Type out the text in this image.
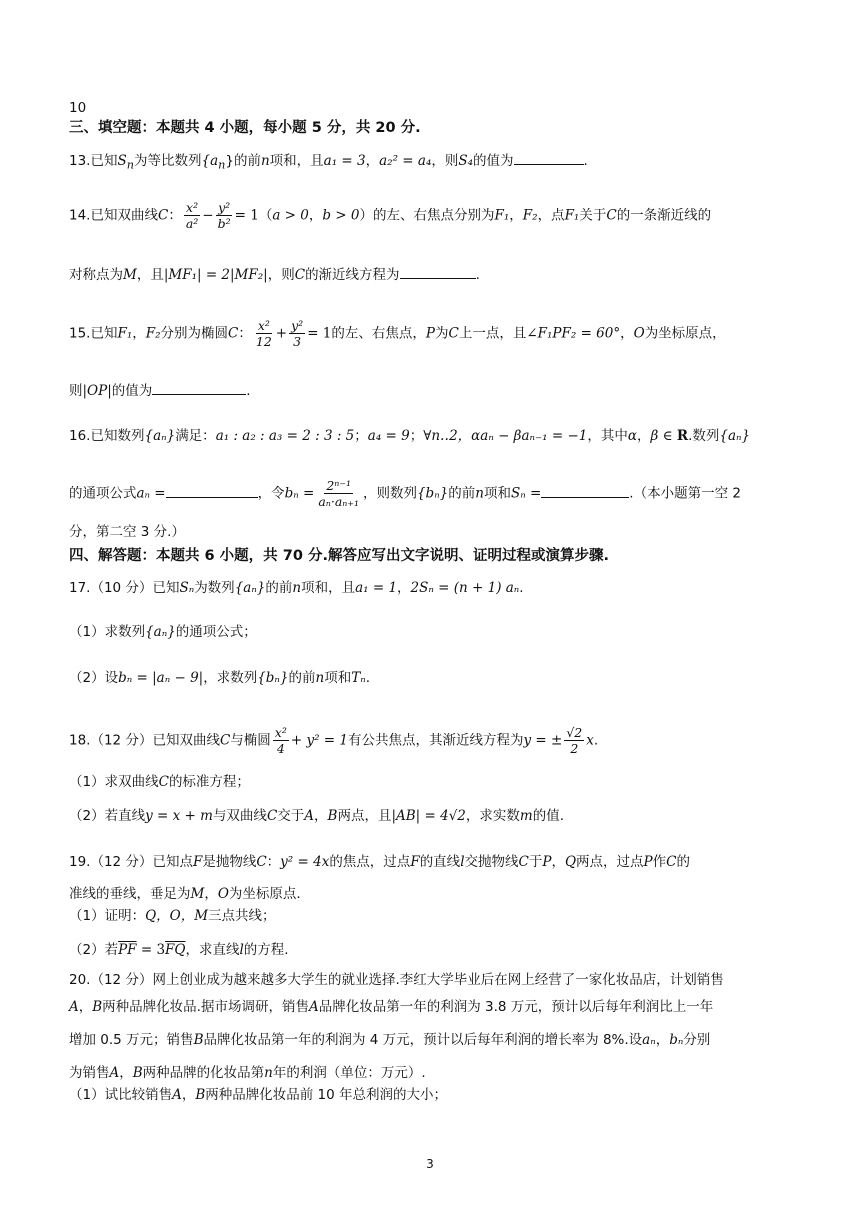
10
三、填空题：本题共 4 小题，每小题 5 分，共 20 分.
13.已知$S_n$为等比数列$\{a_n\}$的前n项和，且a₁ = 3，a₂² = a₄，则S₄的值为	.
14.已知双曲线C： $\frac{\text{x²}}{\text{a²}} - \frac{\text{y²}}{\text{b²}} = 1(a > 0$，b > 0）的左、右焦点分别为F₁，F₂，点F₁关于C的一条渐近线的
对称点为M，且|MF₁| = 2|MF₂|，则C的渐近线方程为	.
15.已知F₁，F₂分别为椭圆C： $\frac{\text{x²}}{12} + \frac{\text{y²}}{3} = 1$的左、右焦点，P为C上一点，且∠F₁PF₂ = 60°，O为坐标原点，
则|OP|的值为	.
16.已知数列{aₙ}满足：a₁ : a₂ : a₃ = 2 : 3 : 5；a₄ = 9；∀n‥2，αaₙ − βaₙ₋₁ = −1，其中α，β ∈ R.数列{aₙ}
的通项公式aₙ =	，令$b_n = \frac{\text{2ⁿ⁻¹}}{\text{aₙ·aₙ₊₁}}$ ，则数列{bₙ}的前n项和Sₙ =	.（本小题第一空 2
分，第二空 3 分.）
四、解答题：本题共 6 小题，共 70 分.解答应写出文字说明、证明过程或演算步骤.
17.（10 分）已知Sₙ为数列{aₙ}的前n项和，且a₁ = 1，2Sₙ = (n + 1) aₙ.
（1）求数列{aₙ}的通项公式；
（2）设bₙ = |aₙ − 9|，求数列{bₙ}的前n项和Tₙ.
18.（12 分）已知双曲线C与椭圆 $\frac{\text{x²}}{4} + y^2 = 1$有公共焦点，其渐近线方程为y = ± $\frac{√2}{2} x$.
（1）求双曲线C的标准方程；
（2）若直线y = x + m与双曲线C交于A，B两点，且|AB| = 4√2，求实数m的值.
19.（12 分）已知点F是抛物线C：y² = 4x的焦点，过点F的直线l交抛物线C于P，Q两点，过点P作C的
准线的垂线，垂足为M，O为坐标原点.
（1）证明：Q，O，M三点共线；
（2）若$\overline{PF} = 3\overline{FQ}$，求直线l的方程.
20.（12 分）网上创业成为越来越多大学生的就业选择.李红大学毕业后在网上经营了一家化妆品店，计划销售
A，B两种品牌化妆品.据市场调研，销售A品牌化妆品第一年的利润为 3.8 万元，预计以后每年利润比上一年
增加 0.5 万元；销售B品牌化妆品第一年的利润为 4 万元，预计以后每年利润的增长率为 8%.设aₙ，bₙ分别
为销售A，B两种品牌的化妆品第n年的利润（单位：万元）.
（1）试比较销售A，B两种品牌化妆品前 10 年总利润的大小；
3
